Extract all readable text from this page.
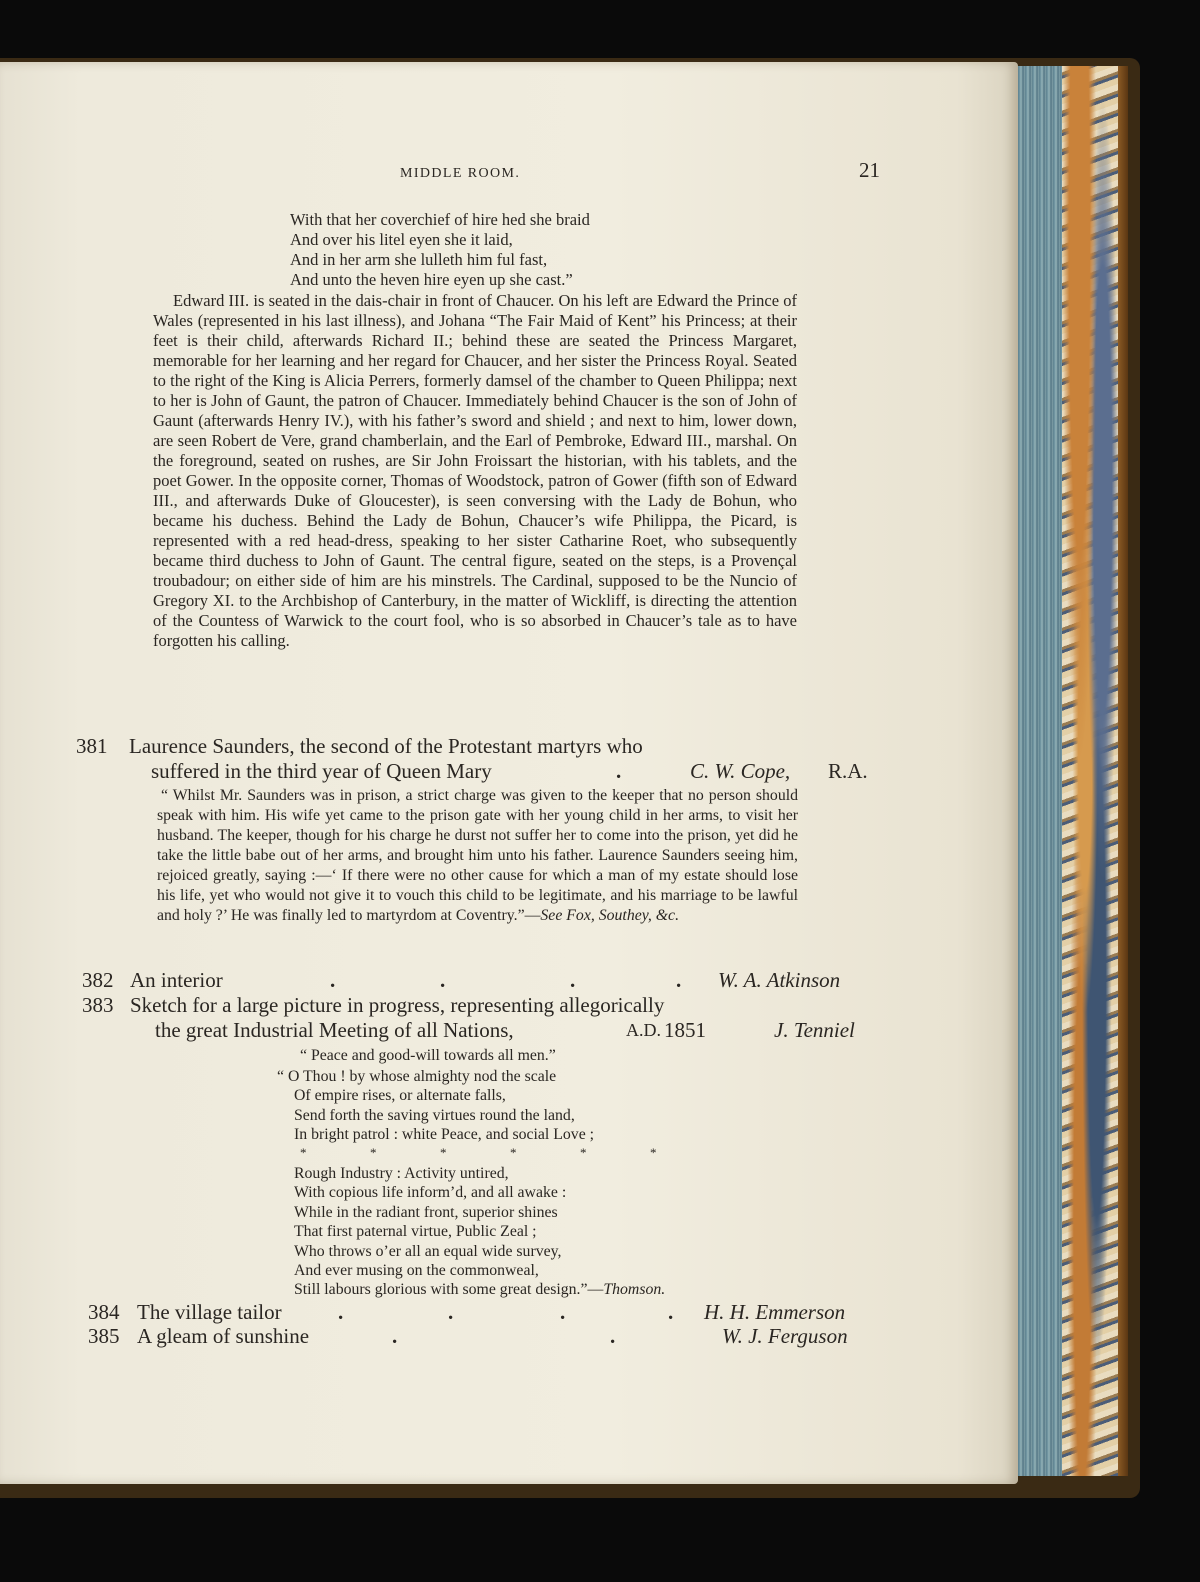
MIDDLE ROOM.	21
With that her coverchief of hire hed she braid
And over his litel eyen she it laid,
And in her arm she lulleth him ful fast,
And unto the heven hire eyen up she cast.”
Edward III. is seated in the dais-chair in front of Chaucer. On his left are Edward the Prince of Wales (represented in his last illness), and Johana “The Fair Maid of Kent” his Princess; at their feet is their child, afterwards Richard II.; behind these are seated the Princess Margaret, memorable for her learning and her regard for Chaucer, and her sister the Princess Royal. Seated to the right of the King is Alicia Perrers, formerly damsel of the chamber to Queen Philippa; next to her is John of Gaunt, the patron of Chaucer. Immediately behind Chaucer is the son of John of Gaunt (afterwards Henry IV.), with his father’s sword and shield ; and next to him, lower down, are seen Robert de Vere, grand chamberlain, and the Earl of Pembroke, Edward III., marshal. On the foreground, seated on rushes, are Sir John Froissart the historian, with his tablets, and the poet Gower. In the opposite corner, Thomas of Woodstock, patron of Gower (fifth son of Edward III., and afterwards Duke of Gloucester), is seen conversing with the Lady de Bohun, who became his duchess. Behind the Lady de Bohun, Chaucer’s wife Philippa, the Picard, is represented with a red head-dress, speaking to her sister Catharine Roet, who subsequently became third duchess to John of Gaunt. The central figure, seated on the steps, is a Provençal troubadour; on either side of him are his minstrels. The Cardinal, supposed to be the Nuncio of Gregory XI. to the Archbishop of Canterbury, in the matter of Wickliff, is directing the attention of the Countess of Warwick to the court fool, who is so absorbed in Chaucer’s tale as to have forgotten his calling.
381 Laurence Saunders, the second of the Protestant martyrs who
suffered in the third year of Queen Mary	.	C. W. Cope, R.A.
“ Whilst Mr. Saunders was in prison, a strict charge was given to the keeper that no person should speak with him. His wife yet came to the prison gate with her young child in her arms, to visit her husband. The keeper, though for his charge he durst not suffer her to come into the prison, yet did he take the little babe out of her arms, and brought him unto his father. Laurence Saunders seeing him, rejoiced greatly, saying :—‘ If there were no other cause for which a man of my estate should lose his life, yet who would not give it to vouch this child to be legitimate, and his marriage to be lawful and holy ?’ He was finally led to martyrdom at Coventry.”—See Fox, Southey, &c.
382 An interior	.	.	.	. W. A. Atkinson
383 Sketch for a large picture in progress, representing allegorically
the great Industrial Meeting of all Nations,	A.D. 1851	J. Tenniel
“ Peace and good-will towards all men.”
“ O Thou ! by whose almighty nod the scale
Of empire rises, or alternate falls,
Send forth the saving virtues round the land,
In bright patrol : white Peace, and social Love ;
*	*	*	*	*	*
Rough Industry : Activity untired,
With copious life inform’d, and all awake :
While in the radiant front, superior shines
That first paternal virtue, Public Zeal ;
Who throws o’er all an equal wide survey,
And ever musing on the commonweal,
Still labours glorious with some great design.”—Thomson.
384 The village tailor	.	.	.	. H. H. Emmerson
385 A gleam of sunshine	.	.	W. J. Ferguson
